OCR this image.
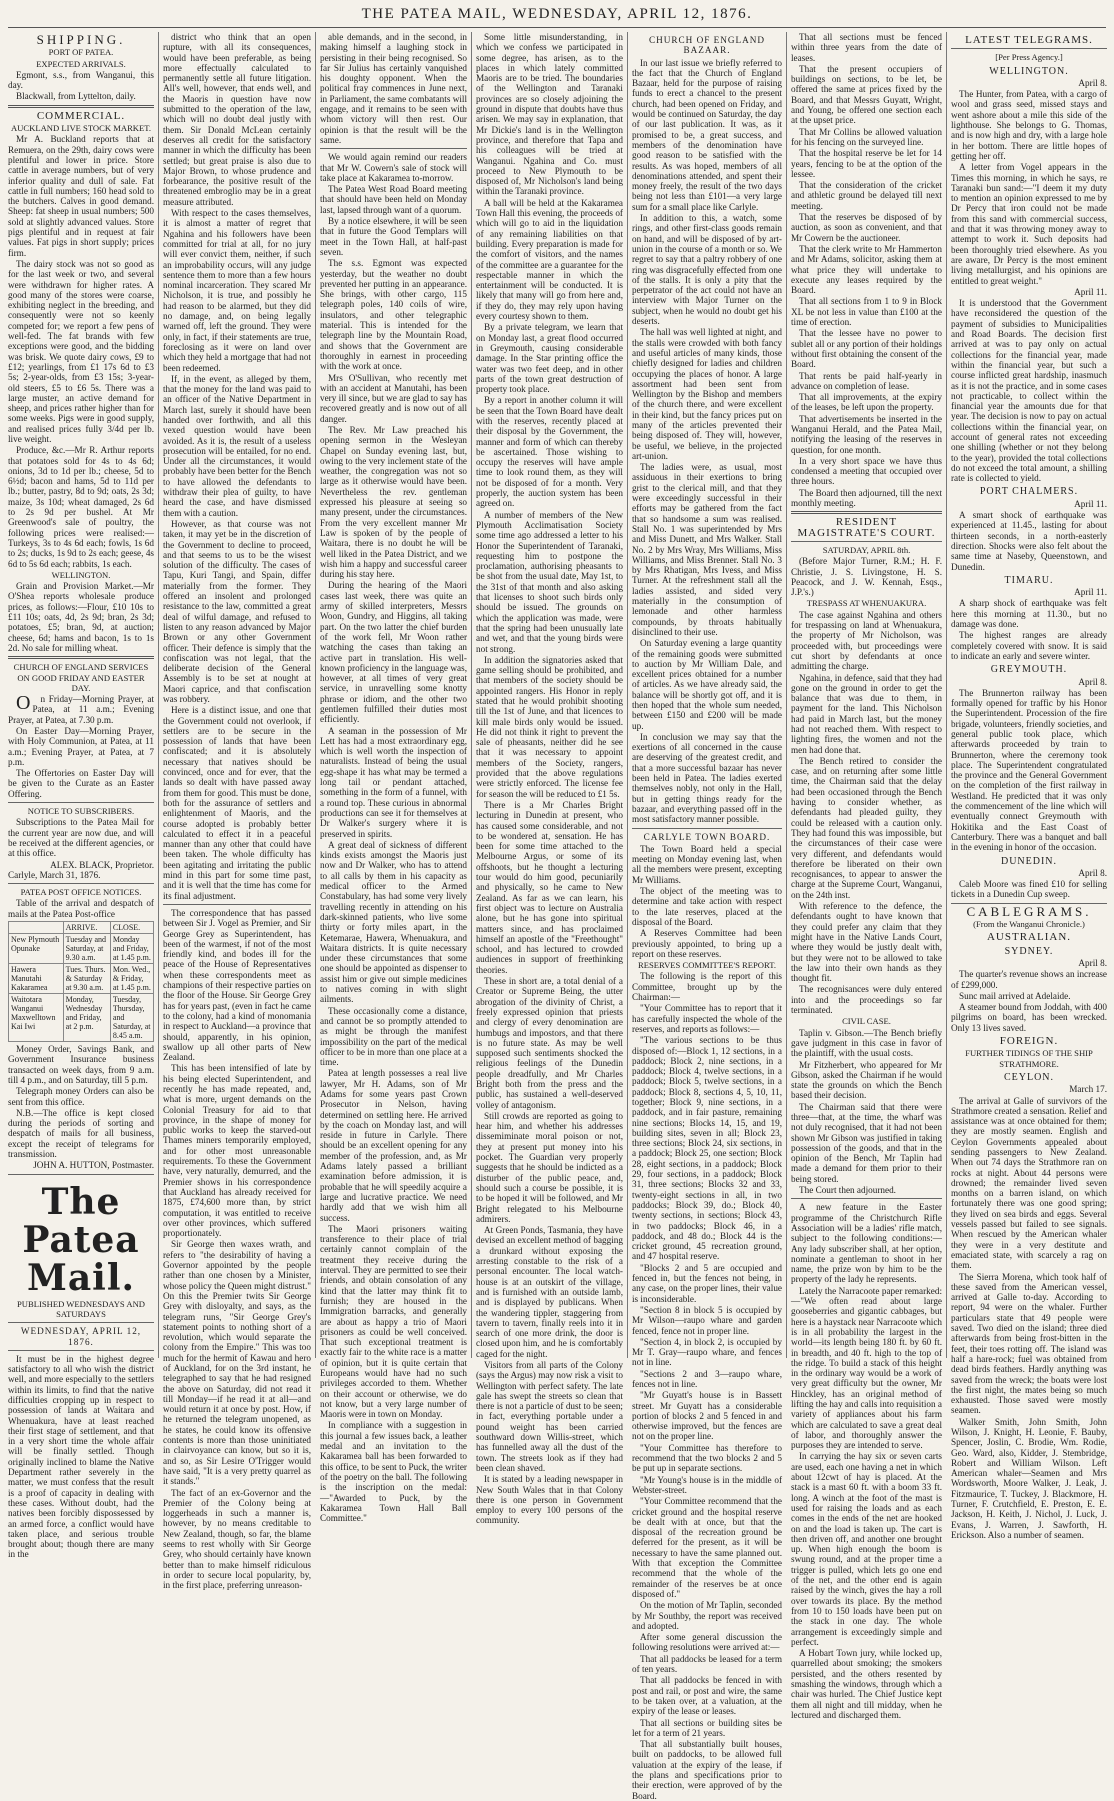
THE PATEA MAIL, WEDNESDAY, APRIL 12, 1876.
SHIPPING.
PORT OF PATEA.
EXPECTED ARRIVALS.

Egmont, s.s., from Wanganui, this day.

Blackwall, from Lyttelton, daily.

COMMERCIAL.
AUCKLAND LIVE STOCK MARKET.

Mr A. Buckland reports that at Remuera, on the 29th, dairy cows were plentiful and lower in price. Store cattle in average numbers, but of very inferior quality and dull of sale. Fat cattle in full numbers; 160 head sold to the butchers. Calves in good demand. Sheep: fat sheep in usual numbers; 500 sold at slightly advanced values. Store pigs plentiful and in request at fair values. Fat pigs in short supply; prices firm.

The dairy stock was not so good as for the last week or two, and several were withdrawn for higher rates. A good many of the stores were coarse, exhibiting neglect in the breeding, and consequently were not so keenly competed for; we report a few pens of well-fed. The fat brands with few exceptions were good, and the bidding was brisk. We quote dairy cows, £9 to £12; yearlings, from £1 17s 6d to £3 5s; 2-year-olds, from £3 15s; 3-year-old steers, £5 to £6 5s. There was a large muster, an active demand for sheep, and prices rather higher than for some weeks. Pigs were in good supply, and realised prices fully 3/4d per lb. live weight.

Produce, &c.—Mr R. Arthur reports that potatoes sold for 4s to 4s 6d; onions, 3d to 1d per lb.; cheese, 5d to 6½d; bacon and hams, 5d to 11d per lb.; butter, pastry, 8d to 9d; oats, 2s 3d; maize, 3s 10d; wheat damaged, 2s 6d to 2s 9d per bushel. At Mr Greenwood's sale of poultry, the following prices were realised:—Turkeys, 3s to 4s 6d each; fowls, 1s 6d to 2s; ducks, 1s 9d to 2s each; geese, 4s 6d to 5s 6d each; rabbits, 1s each.

WELLINGTON.

Grain and Provision Market.—Mr O'Shea reports wholesale produce prices, as follows:—Flour, £10 10s to £11 10s; oats, 4d, 2s 9d; bran, 2s 3d; potatoes, £5; bran, 9d, at auction; cheese, 6d; hams and bacon, 1s to 1s 2d. No sale for milling wheat.

CHURCH OF ENGLAND SERVICES ON GOOD FRIDAY AND EASTER DAY.

On Friday—Morning Prayer, at Patea, at 11 a.m.; Evening Prayer, at Patea, at 7.30 p.m.

On Easter Day—Morning Prayer, with Holy Communion, at Patea, at 11 a.m.; Evening Prayer, at Patea, at 7 p.m.

The Offertories on Easter Day will be given to the Curate as an Easter Offering.

NOTICE TO SUBSCRIBERS.

Subscriptions to the Patea Mail for the current year are now due, and will be received at the different agencies, or at this office.

ALEX. BLACK, Proprietor.
Carlyle, March 31, 1876.
PATEA POST OFFICE NOTICES.

Table of the arrival and despatch of mails at the Patea Post-office

	ARRIVE.	CLOSE.
New Plymouth Opunake	Tuesday and Saturday, at 9.30 a.m.	Monday and Friday, at 1.45 p.m.
Hawera Manutahi Kakaramea	Tues. Thurs. & Saturday at 9.30 a.m.	Mon. Wed., & Friday, at 1.45 p.m.
Waitotara Wanganui Maxwelltown Kai Iwi	Monday, Wednesday and Friday, at 2 p.m.	Tuesday, Thursday, and Saturday, at 8.45 a.m.

Money Order, Savings Bank, and Government Insurance business transacted on week days, from 9 a.m. till 4 p.m., and on Saturday, till 5 p.m.

Telegraph money Orders can also be sent from this office.

N.B.—The office is kept closed during the periods of sorting and despatch of mails for all business, except the receipt of telegrams for transmission.

JOHN A. HUTTON, Postmaster.
The Patea Mail.
PUBLISHED WEDNESDAYS AND SATURDAYS
WEDNESDAY, APRIL 12, 1876.

It must be in the highest degree satisfactory to all who wish the district well, and more especially to the settlers within its limits, to find that the native difficulties cropping up in respect to possession of lands at Waitara and Whenuakura, have at least reached their first stage of settlement, and that in a very short time the whole affair will be finally settled. Though originally inclined to blame the Native Department rather severely in the matter, we must confess that the result is a proof of capacity in dealing with these cases. Without doubt, had the natives been forcibly dispossessed by an armed force, a conflict would have taken place, and serious trouble brought about; though there are many in the

district who think that an open rupture, with all its consequences, would have been preferable, as being more effectually calculated to permanently settle all future litigation. All's well, however, that ends well, and the Maoris in question have now submitted to the operation of the law, which will no doubt deal justly with them. Sir Donald McLean certainly deserves all credit for the satisfactory manner in which the difficulty has been settled; but great praise is also due to Major Brown, to whose prudence and forbearance, the positive result of the threatened embroglio may be in a great measure attributed.

With respect to the cases themselves, it is almost a matter of regret that Ngahina and his followers have been committed for trial at all, for no jury will ever convict them, neither, if such an improbability occurs, will any judge sentence them to more than a few hours nominal incarceration. They scared Mr Nicholson, it is true, and possibly he had reason to be alarmed, but they did no damage, and, on being legally warned off, left the ground. They were only, in fact, if their statements are true, foreclosing as it were on land over which they held a mortgage that had not been redeemed.

If, in the event, as alleged by them, that the money for the land was paid to an officer of the Native Department in March last, surely it should have been handed over forthwith, and all this vexed question would have been avoided. As it is, the result of a useless prosecution will be entailed, for no end. Under all the circumstances, it would probably have been better for the Bench to have allowed the defendants to withdraw their plea of guilty, to have heard the case, and have dismissed them with a caution.

However, as that course was not taken, it may yet be in the discretion of the Government to decline to proceed, and that seems to us to be the wisest solution of the difficulty. The cases of Tapu, Kuri Tangi, and Spain, differ materially from the former. They offered an insolent and prolonged resistance to the law, committed a great deal of wilful damage, and refused to listen to any reason advanced by Major Brown or any other Government officer. Their defence is simply that the confiscation was not legal, that the deliberate decision of the General Assembly is to be set at nought at Maori caprice, and that confiscation was robbery.

Here is a distinct issue, and one that the Government could not overlook, if settlers are to be secure in the possession of lands that have been confiscated; and it is absolutely necessary that natives should be convinced, once and for ever, that the lands so dealt with have passed away from them for good. This must be done, both for the assurance of settlers and enlightenment of Maoris, and the course adopted is probably better calculated to effect it in a peaceful manner than any other that could have been taken. The whole difficulty has been agitating and irritating the public mind in this part for some time past, and it is well that the time has come for its final adjustment.

The correspondence that has passed between Sir J. Vogel as Premier, and Sir George Grey as Superintendent, has been of the warmest, if not of the most friendly kind, and bodes ill for the peace of the House of Representatives when these correspondents meet as champions of their respective parties on the floor of the House. Sir George Grey has for years past, (even in fact he came to the colony, had a kind of monomania in respect to Auckland—a province that should, apparently, in his opinion, swallow up all other parts of New Zealand.

This has been intensified of late by his being elected Superintendent, and recently he has made repeated, and, what is more, urgent demands on the Colonial Treasury for aid to that province, in the shape of money for public works to keep the starved-out Thames miners temporarily employed, and for other most unreasonable requirements. To these the Government have, very naturally, demurred, and the Premier shows in his correspondence that Auckland has already received for 1875, £74,600 more than, by strict computation, it was entitled to receive over other provinces, which suffered proportionately.

Sir George then waxes wrath, and refers to "the desirability of having a Governor appointed by the people rather than one chosen by a Minister, whose policy the Queen might distrust." On this the Premier twits Sir George Grey with disloyalty, and says, as the telegram runs, "Sir George Grey's statement points to nothing short of a revolution, which would separate the colony from the Empire." This was too much for the hermit of Kawau and hero of Auckland, for on the 3rd instant, he telegraphed to say that he had resigned the above on Saturday, did not read it till Monday—if he read it at all—and would return it at once by post. How, if he returned the telegram unopened, as he states, he could know its offensive contents is more than those uninitiated in clairvoyance can know, but so it is, and so, as Sir Lesire O'Trigger would have said, "It is a very pretty quarrel as it stands."

The fact of an ex-Governor and the Premier of the Colony being at loggerheads in such a manner is, however, by no means creditable to New Zealand, though, so far, the blame seems to rest wholly with Sir George Grey, who should certainly have known better than to make himself ridiculous in order to secure local popularity, by, in the first place, preferring unreason-

able demands, and in the second, in making himself a laughing stock in persisting in their being recognised. So far Sir Julius has certainly vanquished his doughty opponent. When the political fray commences in June next, in Parliament, the same combatants will engage, and it remains to be seen with whom victory will then rest. Our opinion is that the result will be the same.

We would again remind our readers that Mr W. Cowern's sale of stock will take place at Kakaramea to-morrow.

The Patea West Road Board meeting that should have been held on Monday last, lapsed through want of a quorum.

By a notice elsewhere, it will be seen that in future the Good Templars will meet in the Town Hall, at half-past seven.

The s.s. Egmont was expected yesterday, but the weather no doubt prevented her putting in an appearance. She brings, with other cargo, 115 telegraph poles, 140 coils of wire, insulators, and other telegraphic material. This is intended for the telegraph line by the Mountain Road, and shows that the Government are thoroughly in earnest in proceeding with the work at once.

Mrs O'Sullivan, who recently met with an accident at Manutahi, has been very ill since, but we are glad to say has recovered greatly and is now out of all danger.

The Rev. Mr Law preached his opening sermon in the Wesleyan Chapel on Sunday evening last, but, owing to the very inclement state of the weather, the congregation was not so large as it otherwise would have been. Nevertheless the rev. gentleman expressed his pleasure at seeing so many present, under the circumstances. From the very excellent manner Mr Law is spoken of by the people of Waitara, there is no doubt he will be well liked in the Patea District, and we wish him a happy and successful career during his stay here.

During the hearing of the Maori cases last week, there was quite an army of skilled interpreters, Messrs Woon, Gundry, and Higgins, all taking part. On the two latter the chief burden of the work fell, Mr Woon rather watching the cases than taking an active part in translation. His well-known proficiency in the language was, however, at all times of very great service, in unravelling some knotty phrase or idiom, and the other two gentlemen fulfilled their duties most efficiently.

A seaman in the possession of Mr Lett has had a most extraordinary egg, which is well worth the inspection of naturalists. Instead of being the usual egg-shape it has what may be termed a long tail or pendant attached, something in the form of a funnel, with a round top. These curious in abnormal productions can see it for themselves at Dr Walker's surgery where it is preserved in spirits.

A great deal of sickness of different kinds exists amongst the Maoris just now and Dr Walker, who has to attend to all calls by them in his capacity as medical officer to the Armed Constabulary, has had some very lively travelling recently in attending on his dark-skinned patients, who live some thirty or forty miles apart, in the Ketemarae, Hawera, Whenuakura, and Waitara districts. It is quite necessary under these circumstances that some one should be appointed as dispenser to assist him or give out simple medicines to natives coming in with slight ailments.

These occasionally come a distance, and cannot be so promptly attended to as might be through the manifest impossibility on the part of the medical officer to be in more than one place at a time.

Patea at length possesses a real live lawyer, Mr H. Adams, son of Mr Adams for some years past Crown Prosecutor in Nelson, having determined on settling here. He arrived by the coach on Monday last, and will reside in future in Carlyle. There should be an excellent opening for any member of the profession, and, as Mr Adams lately passed a brilliant examination before admission, it is probable that he will speedily acquire a large and lucrative practice. We need hardly add that we wish him all success.

The Maori prisoners waiting transference to their place of trial certainly cannot complain of the treatment they receive during the interval. They are permitted to see their friends, and obtain consolation of any kind that the latter may think fit to furnish; they are housed in the Immigration barracks, and generally are about as happy a trio of Maori prisoners as could be well conceived. That such exceptional treatment is exactly fair to the white race is a matter of opinion, but it is quite certain that Europeans would have had no such privileges accorded to them. Whether on their account or otherwise, we do not know, but a very large number of Maoris were in town on Monday.

In compliance with a suggestion in this journal a few issues back, a leather medal and an invitation to the Kakaramea ball has been forwarded to this office, to be sent to Puck, the writer of the poetry on the ball. The following is the inscription on the medal:—"Awarded to Puck, by the Kakaramea Town Hall Ball Committee."

Some little misunderstanding, in which we confess we participated in some degree, has arisen, as to the places in which lately committed Maoris are to be tried. The boundaries of the Wellington and Taranaki provinces are so closely adjoining the ground in dispute that doubts have thus arisen. We may say in explanation, that Mr Dickie's land is in the Wellington province, and therefore that Tapa and his colleagues will be tried at Wanganui. Ngahina and Co. must proceed to New Plymouth to be disposed of, Mr Nicholson's land being within the Taranaki province.

A ball will be held at the Kakaramea Town Hall this evening, the proceeds of which will go to aid in the liquidation of any remaining liabilities on that building. Every preparation is made for the comfort of visitors, and the names of the committee are a guarantee for the respectable manner in which the entertainment will be conducted. It is likely that many will go from here and, if they do, they may rely upon having every courtesy shown to them.

By a private telegram, we learn that on Monday last, a great flood occurred in Greymouth, causing considerable damage. In the Star printing office the water was two feet deep, and in other parts of the town great destruction of property took place.

By a report in another column it will be seen that the Town Board have dealt with the reserves, recently placed at their disposal by the Government, the manner and form of which can thereby be ascertained. Those wishing to occupy the reserves will have ample time to look round them, as they will not be disposed of for a month. Very properly, the auction system has been agreed on.

A number of members of the New Plymouth Acclimatisation Society some time ago addressed a letter to his Honor the Superintendent of Taranaki, requesting him to postpone the proclamation, authorising pheasants to be shot from the usual date, May 1st, to the 31st of that month and also asking that licenses to shoot such birds only should be issued. The grounds on which the application was made, were that the spring had been unusually late and wet, and that the young birds were not strong.

In addition the signatories asked that game selling should be prohibited, and that members of the society should be appointed rangers. His Honor in reply stated that he would prohibit shooting till the 1st of June, and that licences to kill male birds only would be issued. He did not think it right to prevent the sale of pheasants, neither did he see that it was necessary to appoint members of the Society, rangers, provided that the above regulations were strictly enforced. The license fee for season the will be reduced to £1 5s.

There is a Mr Charles Bright lecturing in Dunedin at present, who has caused some considerable, and not to be wondered at, sensation. He has been for some time attached to the Melbourne Argus, or some of its offshoots, but he thought a lecturing tour would do him good, pecuniarily and physically, so he came to New Zealand. As far as we can learn, his first object was to lecture on Australia alone, but he has gone into spiritual matters since, and has proclaimed himself an apostle of the "Freethought" school, and has lectured to crowded audiences in support of freethinking theories.

These in short are, a total denial of a Creator or Supreme Being, the utter abrogation of the divinity of Christ, a freely expressed opinion that priests and clergy of every denomination are humbugs and impostors, and that there is no future state. As may be well supposed such sentiments shocked the religious feelings of the Dunedin people dreadfully, and Mr Charles Bright both from the press and the public, has sustained a well-deserved volley of antagonism.

Still crowds are reported as going to hear him, and whether his addresses dissemiminate moral poison or not, they at present put money into his pocket. The Guardian very properly suggests that he should be indicted as a disturber of the public peace, and, should such a course be possible, it is to be hoped it will be followed, and Mr Bright relegated to his Melbourne admirers.

At Green Ponds, Tasmania, they have devised an excellent method of bagging a drunkard without exposing the arresting constable to the risk of a personal encounter. The local watch-house is at an outskirt of the village, and is furnished with an outside lamb, and is displayed by publicans. When the wandering tippler, staggering from tavern to tavern, finally reels into it in search of one more drink, the door is closed upon him, and he is comfortably caged for the night.

Visitors from all parts of the Colony (says the Argus) may now risk a visit to Wellington with perfect safety. The late gale has swept the streets so clean that there is not a particle of dust to be seen; in fact, everything portable under a pound weight has been carried southward down Willis-street, which has funnelled away all the dust of the town. The streets look as if they had been clean shaved.

It is stated by a leading newspaper in New South Wales that in that Colony there is one person in Government employ to every 100 persons of the community.

CHURCH OF ENGLAND BAZAAR.

In our last issue we briefly referred to the fact that the Church of England Bazaar, held for the purpose of raising funds to erect a chancel to the present church, had been opened on Friday, and would be continued on Saturday, the day of our last publication. It was, as it promised to be, a great success, and members of the denomination have good reason to be satisfied with the results. As was hoped, members of all denominations attended, and spent their money freely, the result of the two days being not less than £101—a very large sum for a small place like Carlyle.

In addition to this, a watch, some rings, and other first-class goods remain on hand, and will be disposed of by art-union in the course of a month or so. We regret to say that a paltry robbery of one ring was disgracefully effected from one of the stalls. It is only a pity that the perpetrator of the act could not have an interview with Major Turner on the subject, when he would no doubt get his deserts.

The hall was well lighted at night, and the stalls were crowded with both fancy and useful articles of many kinds, those chiefly designed for ladies and children occupying the places of honor. A large assortment had been sent from Wellington by the Bishop and members of the church there, and were excellent in their kind, but the fancy prices put on many of the articles prevented their being disposed of. They will, however, be useful, we believe, in the projected art-union.

The ladies were, as usual, most assiduous in their exertions to bring grist to the clerical mill, and that they were exceedingly successful in their efforts may be gathered from the fact that so handsome a sum was realised. Stall No. 1 was superintended by Mrs and Miss Dunett, and Mrs Walker. Stall No. 2 by Mrs Wray, Mrs Williams, Miss Williams, and Miss Brenner. Stall No. 3 by Mrs Rhatigan, Mrs Ivess, and Miss Turner. At the refreshment stall all the ladies assisted, and sided very materially in the consumption of lemonade and other harmless compounds, by throats habitually disinclined to their use.

On Saturday evening a large quantity of the remaining goods were submitted to auction by Mr William Dale, and excellent prices obtained for a number of articles. As we have already said, the balance will be shortly got off, and it is then hoped that the whole sum needed, between £150 and £200 will be made up.

In conclusion we may say that the exertions of all concerned in the cause are deserving of the greatest credit, and that a more successful bazaar has never been held in Patea. The ladies exerted themselves nobly, not only in the Hall, but in getting things ready for the bazaar, and everything passed off in the most satisfactory manner possible.

CARLYLE TOWN BOARD.

The Town Board held a special meeting on Monday evening last, when all the members were present, excepting Mr Williams.

The object of the meeting was to determine and take action with respect to the late reserves, placed at the disposal of the Board.

A Reserves Committee had been previously appointed, to bring up a report on these reserves.

RESERVES COMMITTEE'S REPORT.

The following is the report of this Committee, brought up by the Chairman:—

"Your Committee has to report that it has carefully inspected the whole of the reserves, and reports as follows:—

"The various sections to be thus disposed of:—Block 1, 12 sections, in a paddock; Block 2, nine sections, in a paddock; Block 4, twelve sections, in a paddock; Block 5, twelve sections, in a paddock; Block 8, sections 4, 5, 10, 11, together; Block 9, nine sections, in a paddock, and in fair pasture, remaining nine sections; Blocks 14, 15, and 19, building sites, seven in all; Block 23, three sections; Block 24, six sections, in a paddock; Block 25, one section; Block 28, eight sections, in a paddock; Block 29, four sections, in a paddock; Block 31, three sections; Blocks 32 and 33, twenty-eight sections in all, in two paddocks; Block 39, do.; Block 40, twenty sections, in sections; Block 43, in two paddocks; Block 46, in a paddock, and 48 do.; Block 44 is the cricket ground, 45 recreation ground, and 47 hospital reserve.

"Blocks 2 and 5 are occupied and fenced in, but the fences not being, in any case, on the proper lines, their value is inconsiderable.

"Section 8 in block 5 is occupied by Mr Wilson—raupo whare and garden fenced, fence not in proper line.

"Section 4, in block 2, is occupied by Mr T. Gray—raupo whare, and fences not in line.

"Sections 2 and 3—raupo whare, fences not in line.

"Mr Guyatt's house is in Bassett street. Mr Guyatt has a considerable portion of blocks 2 and 5 fenced in and otherwise improved, but the fences are not on the proper line.

"Your Committee has therefore to recommend that the two blocks 2 and 5 be put up in separate sections.

"Mr Young's house is in the middle of Webster-street.

"Your Committee recommend that the cricket ground and the hospital reserve be dealt with at once, but that the disposal of the recreation ground be deferred for the present, as it will be necessary to have the same planned out. With that exception the Committee recommend that the whole of the remainder of the reserves be at once disposed of."

On the motion of Mr Taplin, seconded by Mr Southby, the report was received and adopted.

After some general discussion the following resolutions were arrived at:—

That all paddocks be leased for a term of ten years.

That all paddocks be fenced in with post and rail, or post and wire, the same to be taken over, at a valuation, at the expiry of the lease or leases.

That all sections or building sites be let for a term of 21 years.

That all substantially built houses, built on paddocks, to be allowed full valuation at the expiry of the lease, if the plans and specifications prior to their erection, were approved of by the Board.

That all sections must be fenced within three years from the date of leases.

That the present occupiers of buildings on sections, to be let, be offered the same at prices fixed by the Board, and that Messrs Guyatt, Wright, and Young, be offered one section each at the upset price.

That Mr Collins be allowed valuation for his fencing on the surveyed line.

That the hospital reserve be let for 14 years, fencing to be at the option of the lessee.

That the consideration of the cricket and athletic ground be delayed till next meeting.

That the reserves be disposed of by auction, as soon as convenient, and that Mr Cowern be the auctioneer.

That the clerk write to Mr Hammerton and Mr Adams, solicitor, asking them at what price they will undertake to execute any leases required by the Board.

That all sections from 1 to 9 in Block XL be not less in value than £100 at the time of erection.

That the lessee have no power to sublet all or any portion of their holdings without first obtaining the consent of the Board.

That rents be paid half-yearly in advance on completion of lease.

That all improvements, at the expiry of the leases, be left upon the property.

That advertisements be inserted in the Wanganui Herald, and the Patea Mail, notifying the leasing of the reserves in question, for one month.

In a very short space we have thus condensed a meeting that occupied over three hours.

The Board then adjourned, till the next monthly meeting.

RESIDENT MAGISTRATE'S COURT.
SATURDAY, APRIL 8th.

(Before Major Turner, R.M.; H. F. Christie, J. S. Livingstone, H. S. Peacock, and J. W. Kennah, Esqs., J.P.'s.)

TRESPASS AT WHENUAKURA.

The case against Ngahina and others for trespassing on land at Whenuakura, the property of Mr Nicholson, was proceeded with, but proceedings were cut short by defendants at once admitting the charge.

Ngahina, in defence, said that they had gone on the ground in order to get the balance that was due to them, in payment for the land. This Nicholson had paid in March last, but the money had not reached them. With respect to lighting fires, the women and not the men had done that.

The Bench retired to consider the case, and on returning after some little time, the Chairman said that the delay had been occasioned through the Bench having to consider whether, as defendants had pleaded guilty, they could be released with a caution only. They had found this was impossible, but the circumstances of their case were very different, and defendants would therefore be liberated on their own recognisances, to appear to answer the charge at the Supreme Court, Wanganui, on the 24th inst.

With reference to the defence, the defendants ought to have known that they could prefer any claim that they might have in the Native Lands Court, where they would be justly dealt with, but they were not to be allowed to take the law into their own hands as they thought fit.

The recognisances were duly entered into and the proceedings so far terminated.

CIVIL CASE.

Taplin v. Gibson.—The Bench briefly gave judgment in this case in favor of the plaintiff, with the usual costs.

Mr Fitzherbert, who appeared for Mr Gibson, asked the Chairman if he would state the grounds on which the Bench based their decision.

The Chairman said that there were three—that, at the time, the wharf was not duly recognised, that it had not been shown Mr Gibson was justified in taking possession of the goods, and that in the opinion of the Bench, Mr Taplin had made a demand for them prior to their being stored.

The Court then adjourned.

A new feature in the Easter programme of the Christchurch Rifle Association will be a ladies' rifle match, subject to the following conditions:—Any lady subscriber shall, at her option, nominate a gentleman to shoot in her name, the prize won by him to be the property of the lady he represents.

Lately the Narracoote paper remarked:—"We often read about large gooseberries and gigantic cabbages, but here is a haystack near Narracoote which is in all probability the largest in the world—its length being 180 ft. by 60 ft. in breadth, and 40 ft. high to the top of the ridge. To build a stack of this height in the ordinary way would be a work of very great difficulty but the owner, Mr Hinckley, has an original method of lifting the hay and calls into requisition a variety of appliances about his farm which are calculated to save a great deal of labor, and thoroughly answer the purposes they are intended to serve.

In carrying the hay six or seven carts are used, each one having a net in which about 12cwt of hay is placed. At the stack is a mast 60 ft. with a boom 33 ft. long. A winch at the foot of the mast is used for raising the loads and as each comes in the ends of the net are hooked on and the load is taken up. The cart is then driven off, and another one brought up. When high enough the boom is swung round, and at the proper time a trigger is pulled, which lets go one end of the net, and the other end is again raised by the winch, gives the hay a roll over towards its place. By the method from 10 to 150 loads have been put on the stack in one day. The whole arrangement is exceedingly simple and perfect.

A Hobart Town jury, while locked up, quarrelled about smoking; the smokers persisted, and the others resented by smashing the windows, through which a chair was hurled. The Chief Justice kept them all night and till midday, when he lectured and discharged them.

LATEST TELEGRAMS.
[Per Press Agency.]
WELLINGTON.

April 8.

The Hunter, from Patea, with a cargo of wool and grass seed, missed stays and went ashore about a mile this side of the lighthouse. She belongs to G. Thomas, and is now high and dry, with a large hole in her bottom. There are little hopes of getting her off.

A letter from Vogel appears in the Times this morning, in which he says, re Taranaki bun sand:—"I deem it my duty to mention an opinion expressed to me by Dr Percy that iron could not be made from this sand with commercial success, and that it was throwing money away to attempt to work it. Such deposits had been thoroughly tried elsewhere. As you are aware, Dr Percy is the most eminent living metallurgist, and his opinions are entitled to great weight."

April 11.

It is understood that the Government have reconsidered the question of the payment of subsidies to Municipalities and Road Boards. The decision first arrived at was to pay only on actual collections for the financial year, made within the financial year, but such a course inflicted great hardship, inasmuch as it is not the practice, and in some cases not practicable, to collect within the financial year the amounts due for that year. The decision is now to pay on actual collections within the financial year, on account of general rates not exceeding one shilling (whether or not they belong to the year), provided the total collections do not exceed the total amount, a shilling rate is collected to yield.

PORT CHALMERS.

April 11.

A smart shock of earthquake was experienced at 11.45., lasting for about thirteen seconds, in a north-easterly direction. Shocks were also felt about the same time at Naseby, Queenstown, and Dunedin.

TIMARU.

April 11.

A sharp shock of earthquake was felt here this morning at 11.30., but no damage was done.

The highest ranges are already completely covered with snow. It is said to indicate an early and severe winter.

GREYMOUTH.

April 8.

The Brunnerton railway has been formally opened for traffic by his Honor the Superintendent. Procession of the fire brigade, volunteers, friendly societies, and general public took place, which afterwards proceeded by train to Brunnerton, where the ceremony took place. The Superintendent congratulated the province and the General Government on the completion of the first railway in Westland. He predicted that it was only the commencement of the line which will eventually connect Greymouth with Hokitika and the East Coast of Canterbury. There was a banquet and ball in the evening in honor of the occasion.

DUNEDIN.

April 8.

Caleb Moore was fined £10 for selling tickets in a Dunedin Cup sweep.

CABLEGRAMS.
(From the Wanganui Chronicle.)
AUSTRALIAN.
SYDNEY.

April 8.

The quarter's revenue shows an increase of £299,000.

Sunc mail arrived at Adelaide.

A steamer bound from Joddah, with 400 pilgrims on board, has been wrecked. Only 13 lives saved.

FOREIGN.
FURTHER TIDINGS OF THE SHIP STRATHMORE.
CEYLON.

March 17.

The arrival at Galle of survivors of the Strathmore created a sensation. Relief and assistance was at once obtained for them; they are mostly seamen. English and Ceylon Governments appealed about sending passengers to New Zealand. When out 74 days the Strathmore ran on rocks at night. About 44 persons were drowned; the remainder lived seven months on a barren island, on which fortunately there was one good spring; they lived on sea birds and eggs. Several vessels passed but failed to see signals. When rescued by the American whaler they were in a very destitute and emaciated state, with scarcely a rag on them.

The Sierra Morena, which took half of these saved from the American vessel, arrived at Galle to-day. According to report, 94 were on the whaler. Further particulars state that 49 people were saved. Two died on the island; three died afterwards from being frost-bitten in the feet, their toes rotting off. The island was half a hare-rock; fuel was obtained from dead birds feathers. Hardly anything was saved from the wreck; the boats were lost the first night, the mates being so much exhausted. Those saved were mostly seamen.

Walker Smith, John Smith, John Wilson, J. Knight, H. Leonie, F. Bauby, Spencer, Joslin, C. Brodie, Wm. Rodie, Geo. Ward, also, Kidder, J. Stembridge, Robert and William Wilson. Left American whaler—Seamen and Mrs Wordsworth, Moore Walker, J. Leak, J. Fitzmaurice, T. Tuckey, J. Blackmore, H. Turner, F. Crutchfield, E. Preston, E. E. Jackson, H. Keith, J. Nichol, J. Luck, J. Evans, J. Warren, J. Sawforth, H. Erickson. Also a number of seamen.
